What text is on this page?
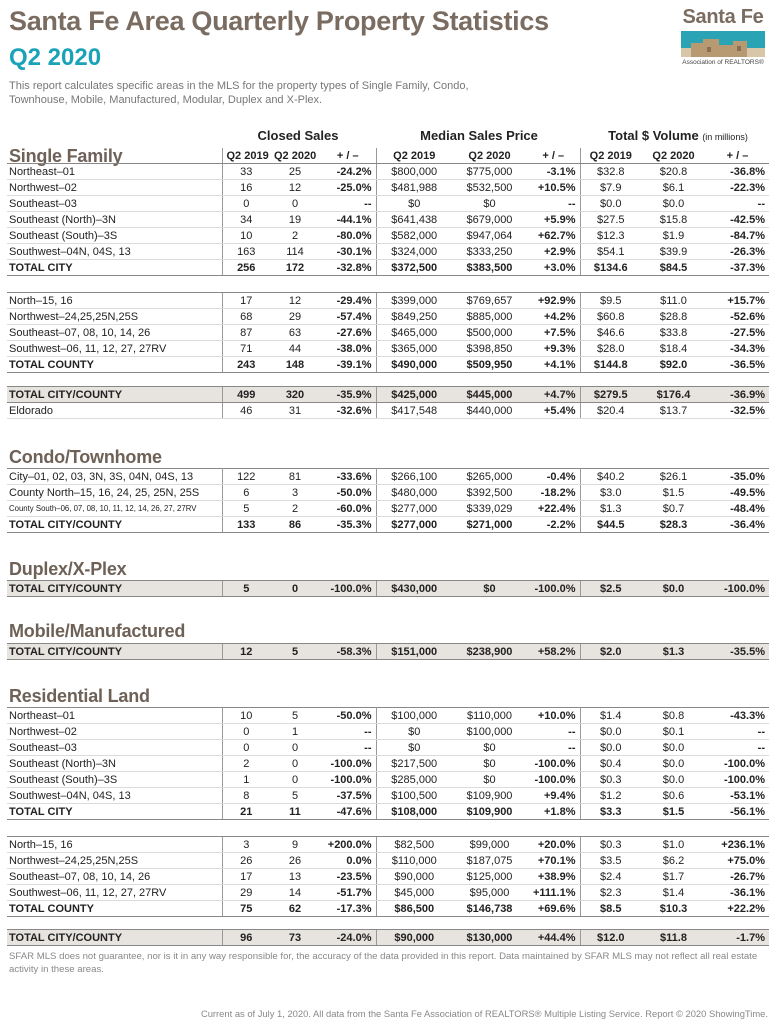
Santa Fe Area Quarterly Property Statistics
Q2 2020
This report calculates specific areas in the MLS for the property types of Single Family, Condo, Townhouse, Mobile, Manufactured, Modular, Duplex and X-Plex.
Santa Fe
Association of REALTORS®
Closed Sales	Median Sales Price	Total $ Volume (in millions)
Single Family
		Q2 2019	Q2 2020	+ / –	Q2 2019	Q2 2020	+ / –	Q2 2019	Q2 2020	+ / –
Northeast–01	33	25	-24.2%	$800,000	$775,000	-3.1%	$32.8	$20.8	-36.8%
Northwest–02	16	12	-25.0%	$481,988	$532,500	+10.5%	$7.9	$6.1	-22.3%
Southeast–03	0	0	--	$0	$0	--	$0.0	$0.0	--
Southeast (North)–3N	34	19	-44.1%	$641,438	$679,000	+5.9%	$27.5	$15.8	-42.5%
Southeast (South)–3S	10	2	-80.0%	$582,000	$947,064	+62.7%	$12.3	$1.9	-84.7%
Southwest–04N, 04S, 13	163	114	-30.1%	$324,000	$333,250	+2.9%	$54.1	$39.9	-26.3%
TOTAL CITY	256	172	-32.8%	$372,500	$383,500	+3.0%	$134.6	$84.5	-37.3%

North–15, 16	17	12	-29.4%	$399,000	$769,657	+92.9%	$9.5	$11.0	+15.7%
Northwest–24,25,25N,25S	68	29	-57.4%	$849,250	$885,000	+4.2%	$60.8	$28.8	-52.6%
Southeast–07, 08, 10, 14, 26	87	63	-27.6%	$465,000	$500,000	+7.5%	$46.6	$33.8	-27.5%
Southwest–06, 11, 12, 27, 27RV	71	44	-38.0%	$365,000	$398,850	+9.3%	$28.0	$18.4	-34.3%
TOTAL COUNTY	243	148	-39.1%	$490,000	$509,950	+4.1%	$144.8	$92.0	-36.5%

TOTAL CITY/COUNTY	499	320	-35.9%	$425,000	$445,000	+4.7%	$279.5	$176.4	-36.9%
Eldorado	46	31	-32.6%	$417,548	$440,000	+5.4%	$20.4	$13.7	-32.5%
Condo/Townhome
City–01, 02, 03, 3N, 3S, 04N, 04S, 13	122	81	-33.6%	$266,100	$265,000	-0.4%	$40.2	$26.1	-35.0%
County North–15, 16, 24, 25, 25N, 25S	6	3	-50.0%	$480,000	$392,500	-18.2%	$3.0	$1.5	-49.5%
County South–06, 07, 08, 10, 11, 12, 14, 26, 27, 27RV	5	2	-60.0%	$277,000	$339,029	+22.4%	$1.3	$0.7	-48.4%
TOTAL CITY/COUNTY	133	86	-35.3%	$277,000	$271,000	-2.2%	$44.5	$28.3	-36.4%
Duplex/X-Plex
TOTAL CITY/COUNTY	5	0	-100.0%	$430,000	$0	-100.0%	$2.5	$0.0	-100.0%
Mobile/Manufactured
TOTAL CITY/COUNTY	12	5	-58.3%	$151,000	$238,900	+58.2%	$2.0	$1.3	-35.5%
Residential Land
Northeast–01	10	5	-50.0%	$100,000	$110,000	+10.0%	$1.4	$0.8	-43.3%
Northwest–02	0	1	--	$0	$100,000	--	$0.0	$0.1	--
Southeast–03	0	0	--	$0	$0	--	$0.0	$0.0	--
Southeast (North)–3N	2	0	-100.0%	$217,500	$0	-100.0%	$0.4	$0.0	-100.0%
Southeast (South)–3S	1	0	-100.0%	$285,000	$0	-100.0%	$0.3	$0.0	-100.0%
Southwest–04N, 04S, 13	8	5	-37.5%	$100,500	$109,900	+9.4%	$1.2	$0.6	-53.1%
TOTAL CITY	21	11	-47.6%	$108,000	$109,900	+1.8%	$3.3	$1.5	-56.1%

North–15, 16	3	9	+200.0%	$82,500	$99,000	+20.0%	$0.3	$1.0	+236.1%
Northwest–24,25,25N,25S	26	26	0.0%	$110,000	$187,075	+70.1%	$3.5	$6.2	+75.0%
Southeast–07, 08, 10, 14, 26	17	13	-23.5%	$90,000	$125,000	+38.9%	$2.4	$1.7	-26.7%
Southwest–06, 11, 12, 27, 27RV	29	14	-51.7%	$45,000	$95,000	+111.1%	$2.3	$1.4	-36.1%
TOTAL COUNTY	75	62	-17.3%	$86,500	$146,738	+69.6%	$8.5	$10.3	+22.2%

TOTAL CITY/COUNTY	96	73	-24.0%	$90,000	$130,000	+44.4%	$12.0	$11.8	-1.7%
SFAR MLS does not guarantee, nor is it in any way responsible for, the accuracy of the data provided in this report. Data maintained by SFAR MLS may not reflect all real estate activity in these areas.
Current as of July 1, 2020. All data from the Santa Fe Association of REALTORS® Multiple Listing Service. Report © 2020 ShowingTime.
